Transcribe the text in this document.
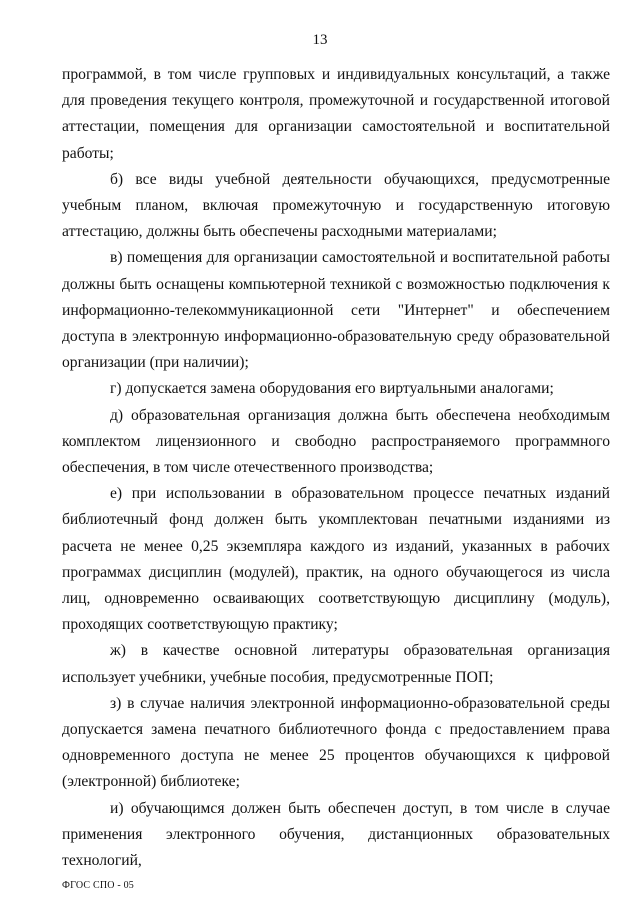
13

программой, в том числе групповых и индивидуальных консультаций, а также для проведения текущего контроля, промежуточной и государственной итоговой аттестации, помещения для организации самостоятельной и воспитательной работы;

б) все виды учебной деятельности обучающихся, предусмотренные учебным планом, включая промежуточную и государственную итоговую аттестацию, должны быть обеспечены расходными материалами;

в) помещения для организации самостоятельной и воспитательной работы должны быть оснащены компьютерной техникой с возможностью подключения к информационно-телекоммуникационной сети "Интернет" и обеспечением доступа в электронную информационно-образовательную среду образовательной организации (при наличии);

г) допускается замена оборудования его виртуальными аналогами;

д) образовательная организация должна быть обеспечена необходимым комплектом лицензионного и свободно распространяемого программного обеспечения, в том числе отечественного производства;

е) при использовании в образовательном процессе печатных изданий библиотечный фонд должен быть укомплектован печатными изданиями из расчета не менее 0,25 экземпляра каждого из изданий, указанных в рабочих программах дисциплин (модулей), практик, на одного обучающегося из числа лиц, одновременно осваивающих соответствующую дисциплину (модуль), проходящих соответствующую практику;

ж) в качестве основной литературы образовательная организация использует учебники, учебные пособия, предусмотренные ПОП;

з) в случае наличия электронной информационно-образовательной среды допускается замена печатного библиотечного фонда с предоставлением права одновременного доступа не менее 25 процентов обучающихся к цифровой (электронной) библиотеке;

и) обучающимся должен быть обеспечен доступ, в том числе в случае применения электронного обучения, дистанционных образовательных технологий,

ФГОС СПО - 05
